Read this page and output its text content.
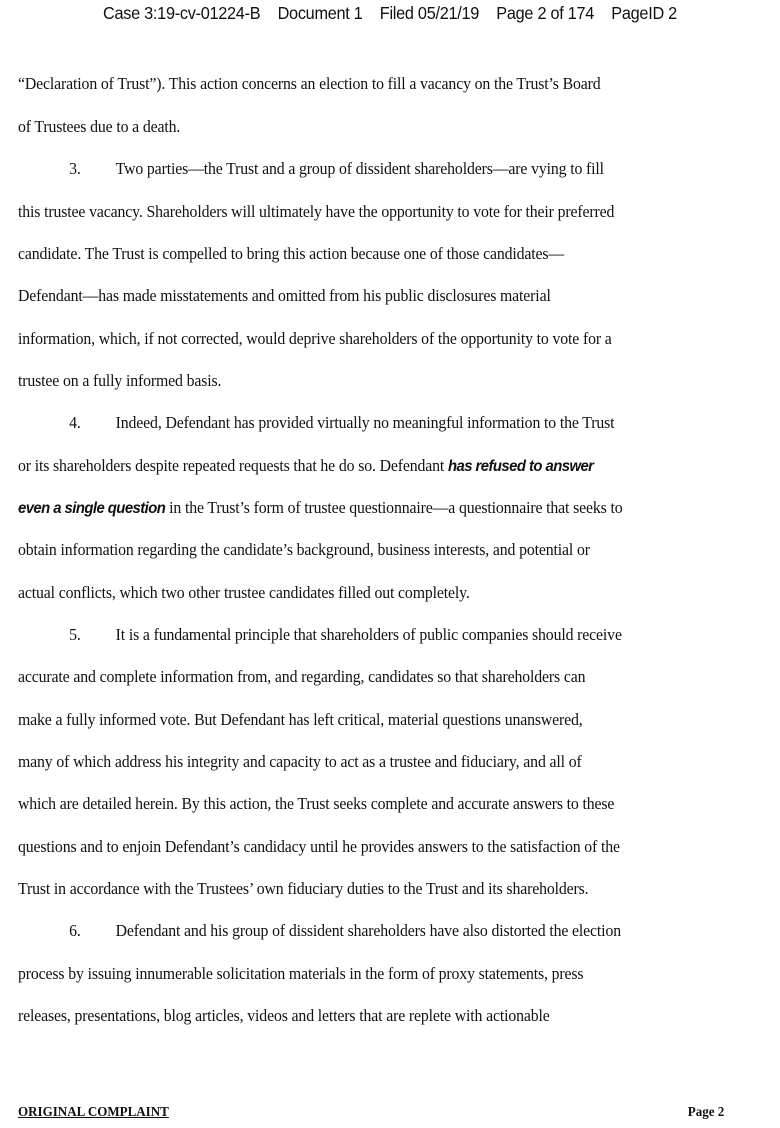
Case 3:19-cv-01224-B Document 1 Filed 05/21/19 Page 2 of 174 PageID 2
“Declaration of Trust”). This action concerns an election to fill a vacancy on the Trust’s Board
of Trustees due to a death.
3. Two parties—the Trust and a group of dissident shareholders—are vying to fill
this trustee vacancy. Shareholders will ultimately have the opportunity to vote for their preferred
candidate. The Trust is compelled to bring this action because one of those candidates—
Defendant—has made misstatements and omitted from his public disclosures material
information, which, if not corrected, would deprive shareholders of the opportunity to vote for a
trustee on a fully informed basis.
4. Indeed, Defendant has provided virtually no meaningful information to the Trust
or its shareholders despite repeated requests that he do so. Defendant has refused to answer
even a single question in the Trust’s form of trustee questionnaire—a questionnaire that seeks to
obtain information regarding the candidate’s background, business interests, and potential or
actual conflicts, which two other trustee candidates filled out completely.
5. It is a fundamental principle that shareholders of public companies should receive
accurate and complete information from, and regarding, candidates so that shareholders can
make a fully informed vote. But Defendant has left critical, material questions unanswered,
many of which address his integrity and capacity to act as a trustee and fiduciary, and all of
which are detailed herein. By this action, the Trust seeks complete and accurate answers to these
questions and to enjoin Defendant’s candidacy until he provides answers to the satisfaction of the
Trust in accordance with the Trustees’ own fiduciary duties to the Trust and its shareholders.
6. Defendant and his group of dissident shareholders have also distorted the election
process by issuing innumerable solicitation materials in the form of proxy statements, press
releases, presentations, blog articles, videos and letters that are replete with actionable
ORIGINAL COMPLAINT	Page 2
